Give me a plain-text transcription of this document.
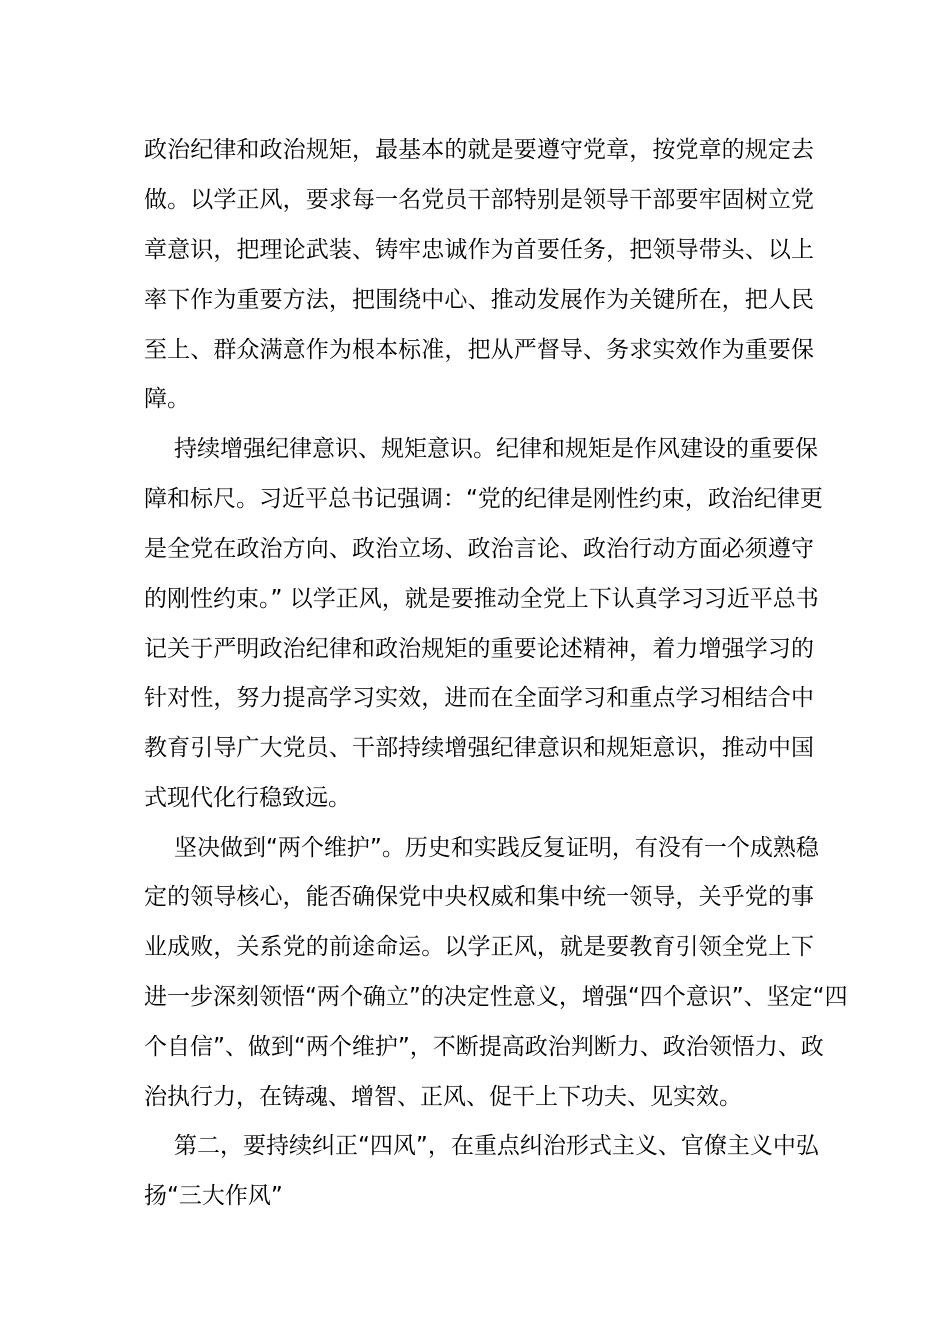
政治纪律和政治规矩，最基本的就是要遵守党章，按党章的规定去
做。以学正风，要求每一名党员干部特别是领导干部要牢固树立党
章意识，把理论武装、铸牢忠诚作为首要任务，把领导带头、以上
率下作为重要方法，把围绕中心、推动发展作为关键所在，把人民
至上、群众满意作为根本标准，把从严督导、务求实效作为重要保
障。
持续增强纪律意识、规矩意识。纪律和规矩是作风建设的重要保
障和标尺。习近平总书记强调：“党的纪律是刚性约束，政治纪律更
是全党在政治方向、政治立场、政治言论、政治行动方面必须遵守
的刚性约束。” 以学正风，就是要推动全党上下认真学习习近平总书
记关于严明政治纪律和政治规矩的重要论述精神，着力增强学习的
针对性，努力提高学习实效，进而在全面学习和重点学习相结合中
教育引导广大党员、干部持续增强纪律意识和规矩意识，推动中国
式现代化行稳致远。
坚决做到“两个维护”。历史和实践反复证明，有没有一个成熟稳
定的领导核心，能否确保党中央权威和集中统一领导，关乎党的事
业成败，关系党的前途命运。以学正风，就是要教育引领全党上下
进一步深刻领悟“两个确立”的决定性意义，增强“四个意识”、坚定“四
个自信”、做到“两个维护”，不断提高政治判断力、政治领悟力、政
治执行力，在铸魂、增智、正风、促干上下功夫、见实效。
第二，要持续纠正“四风”，在重点纠治形式主义、官僚主义中弘
扬“三大作风”
